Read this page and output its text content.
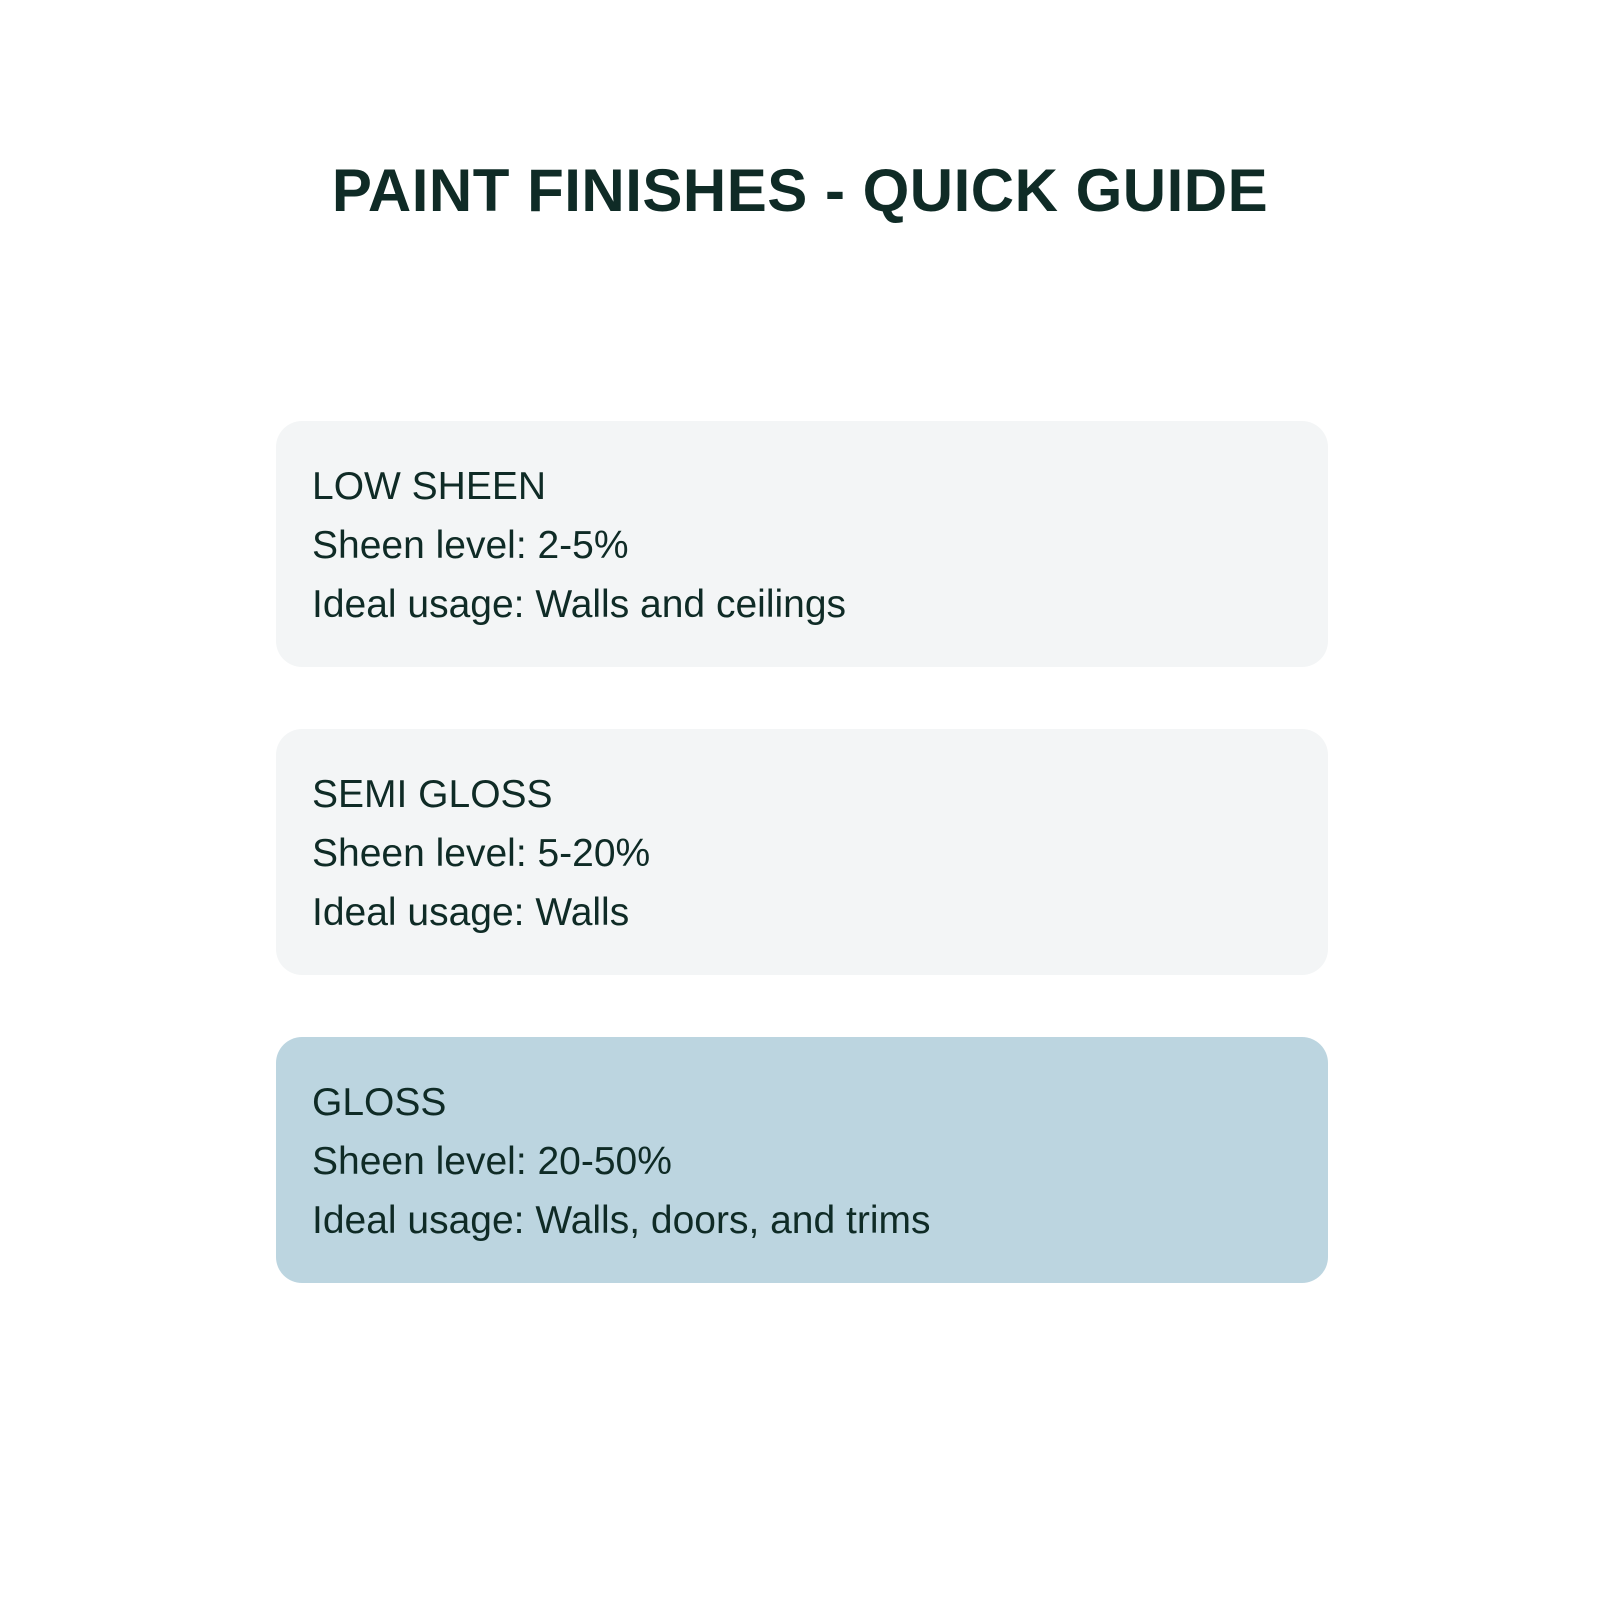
PAINT FINISHES - QUICK GUIDE
LOW SHEEN
Sheen level: 2-5%
Ideal usage: Walls and ceilings
SEMI GLOSS
Sheen level: 5-20%
Ideal usage: Walls
GLOSS
Sheen level: 20-50%
Ideal usage: Walls, doors, and trims
